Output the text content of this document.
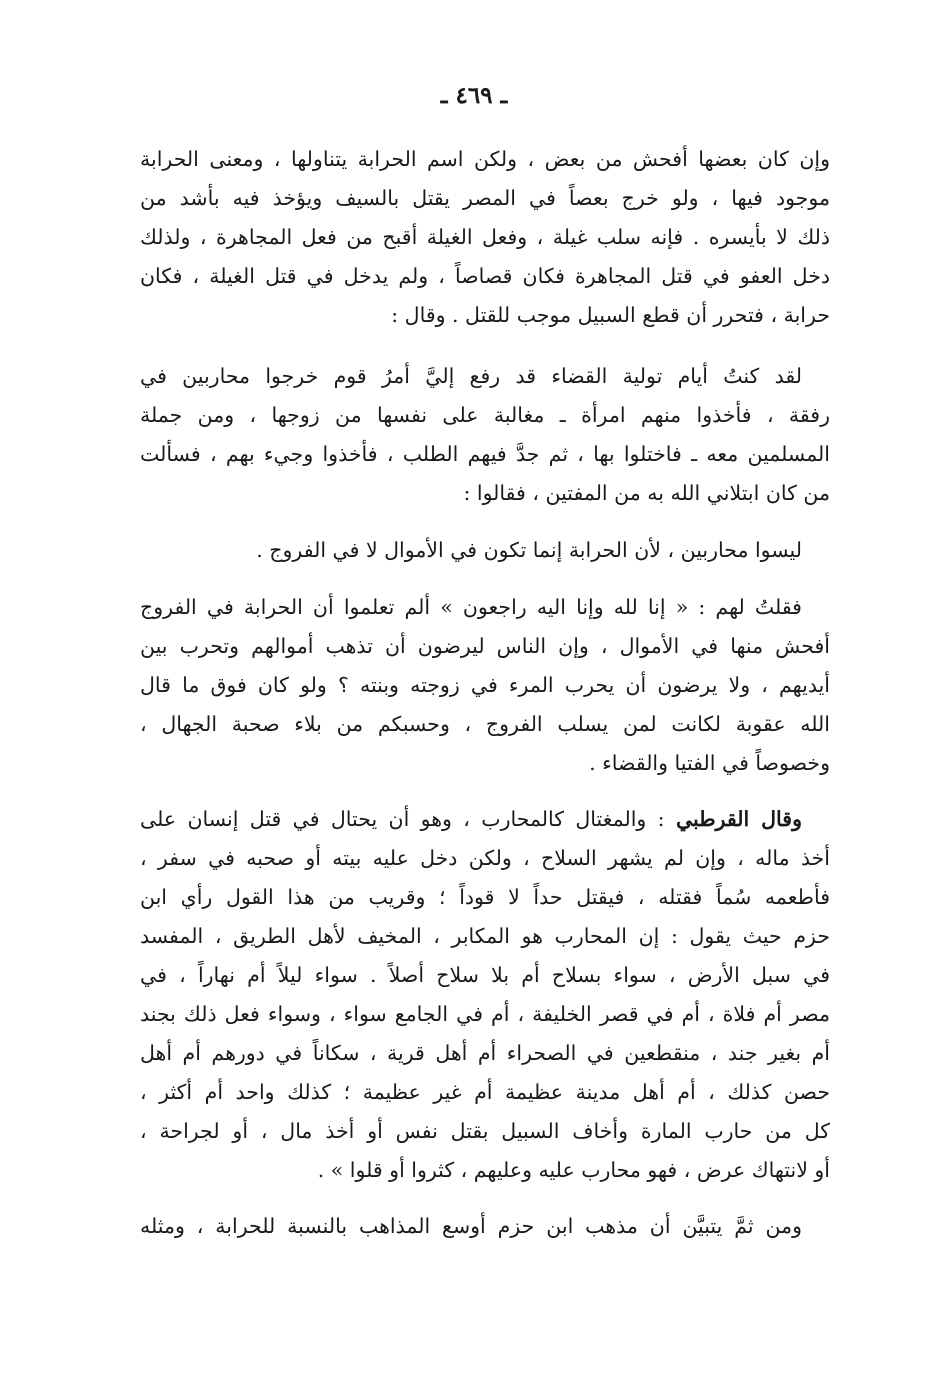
ـ ٤٦٩ ـ
وإن كان بعضها أفحش من بعض ، ولكن اسم الحرابة يتناولها ، ومعنى الحرابة
موجود فيها ، ولو خرج بعصاً في المصر يقتل بالسيف ويؤخذ فيه بأشد من
ذلك لا بأيسره . فإنه سلب غيلة ، وفعل الغيلة أقبح من فعل المجاهرة ، ولذلك
دخل العفو في قتل المجاهرة فكان قصاصاً ، ولم يدخل في قتل الغيلة ، فكان
حرابة ، فتحرر أن قطع السبيل موجب للقتل . وقال :
لقد كنتُ أيام تولية القضاء قد رفع إليَّ أمرُ قوم خرجوا محاربين في
رفقة ، فأخذوا منهم امرأة ـ مغالبة على نفسها من زوجها ، ومن جملة
المسلمين معه ـ فاختلوا بها ، ثم جدَّ فيهم الطلب ، فأخذوا وجيء بهم ، فسألت
من كان ابتلاني الله به من المفتين ، فقالوا :
ليسوا محاربين ، لأن الحرابة إنما تكون في الأموال لا في الفروج .
فقلتُ لهم : « إنا لله وإنا اليه راجعون » ألم تعلموا أن الحرابة في الفروج
أفحش منها في الأموال ، وإن الناس ليرضون أن تذهب أموالهم وتحرب بين
أيديهم ، ولا يرضون أن يحرب المرء في زوجته وبنته ؟ ولو كان فوق ما قال
الله عقوبة لكانت لمن يسلب الفروج ، وحسبكم من بلاء صحبة الجهال ،
وخصوصاً في الفتيا والقضاء .
وقال القرطبي : والمغتال كالمحارب ، وهو أن يحتال في قتل إنسان على
أخذ ماله ، وإن لم يشهر السلاح ، ولكن دخل عليه بيته أو صحبه في سفر ،
فأطعمه سُماً فقتله ، فيقتل حداً لا قوداً ؛ وقريب من هذا القول رأي ابن
حزم حيث يقول : إن المحارب هو المكابر ، المخيف لأهل الطريق ، المفسد
في سبل الأرض ، سواء بسلاح أم بلا سلاح أصلاً . سواء ليلاً أم نهاراً ، في
مصر أم فلاة ، أم في قصر الخليفة ، أم في الجامع سواء ، وسواء فعل ذلك بجند
أم بغير جند ، منقطعين في الصحراء أم أهل قرية ، سكاناً في دورهم أم أهل
حصن كذلك ، أم أهل مدينة عظيمة أم غير عظيمة ؛ كذلك واحد أم أكثر ،
كل من حارب المارة وأخاف السبيل بقتل نفس أو أخذ مال ، أو لجراحة ،
أو لانتهاك عرض ، فهو محارب عليه وعليهم ، كثروا أو قلوا » .
ومن ثمَّ يتبيَّن أن مذهب ابن حزم أوسع المذاهب بالنسبة للحرابة ، ومثله
